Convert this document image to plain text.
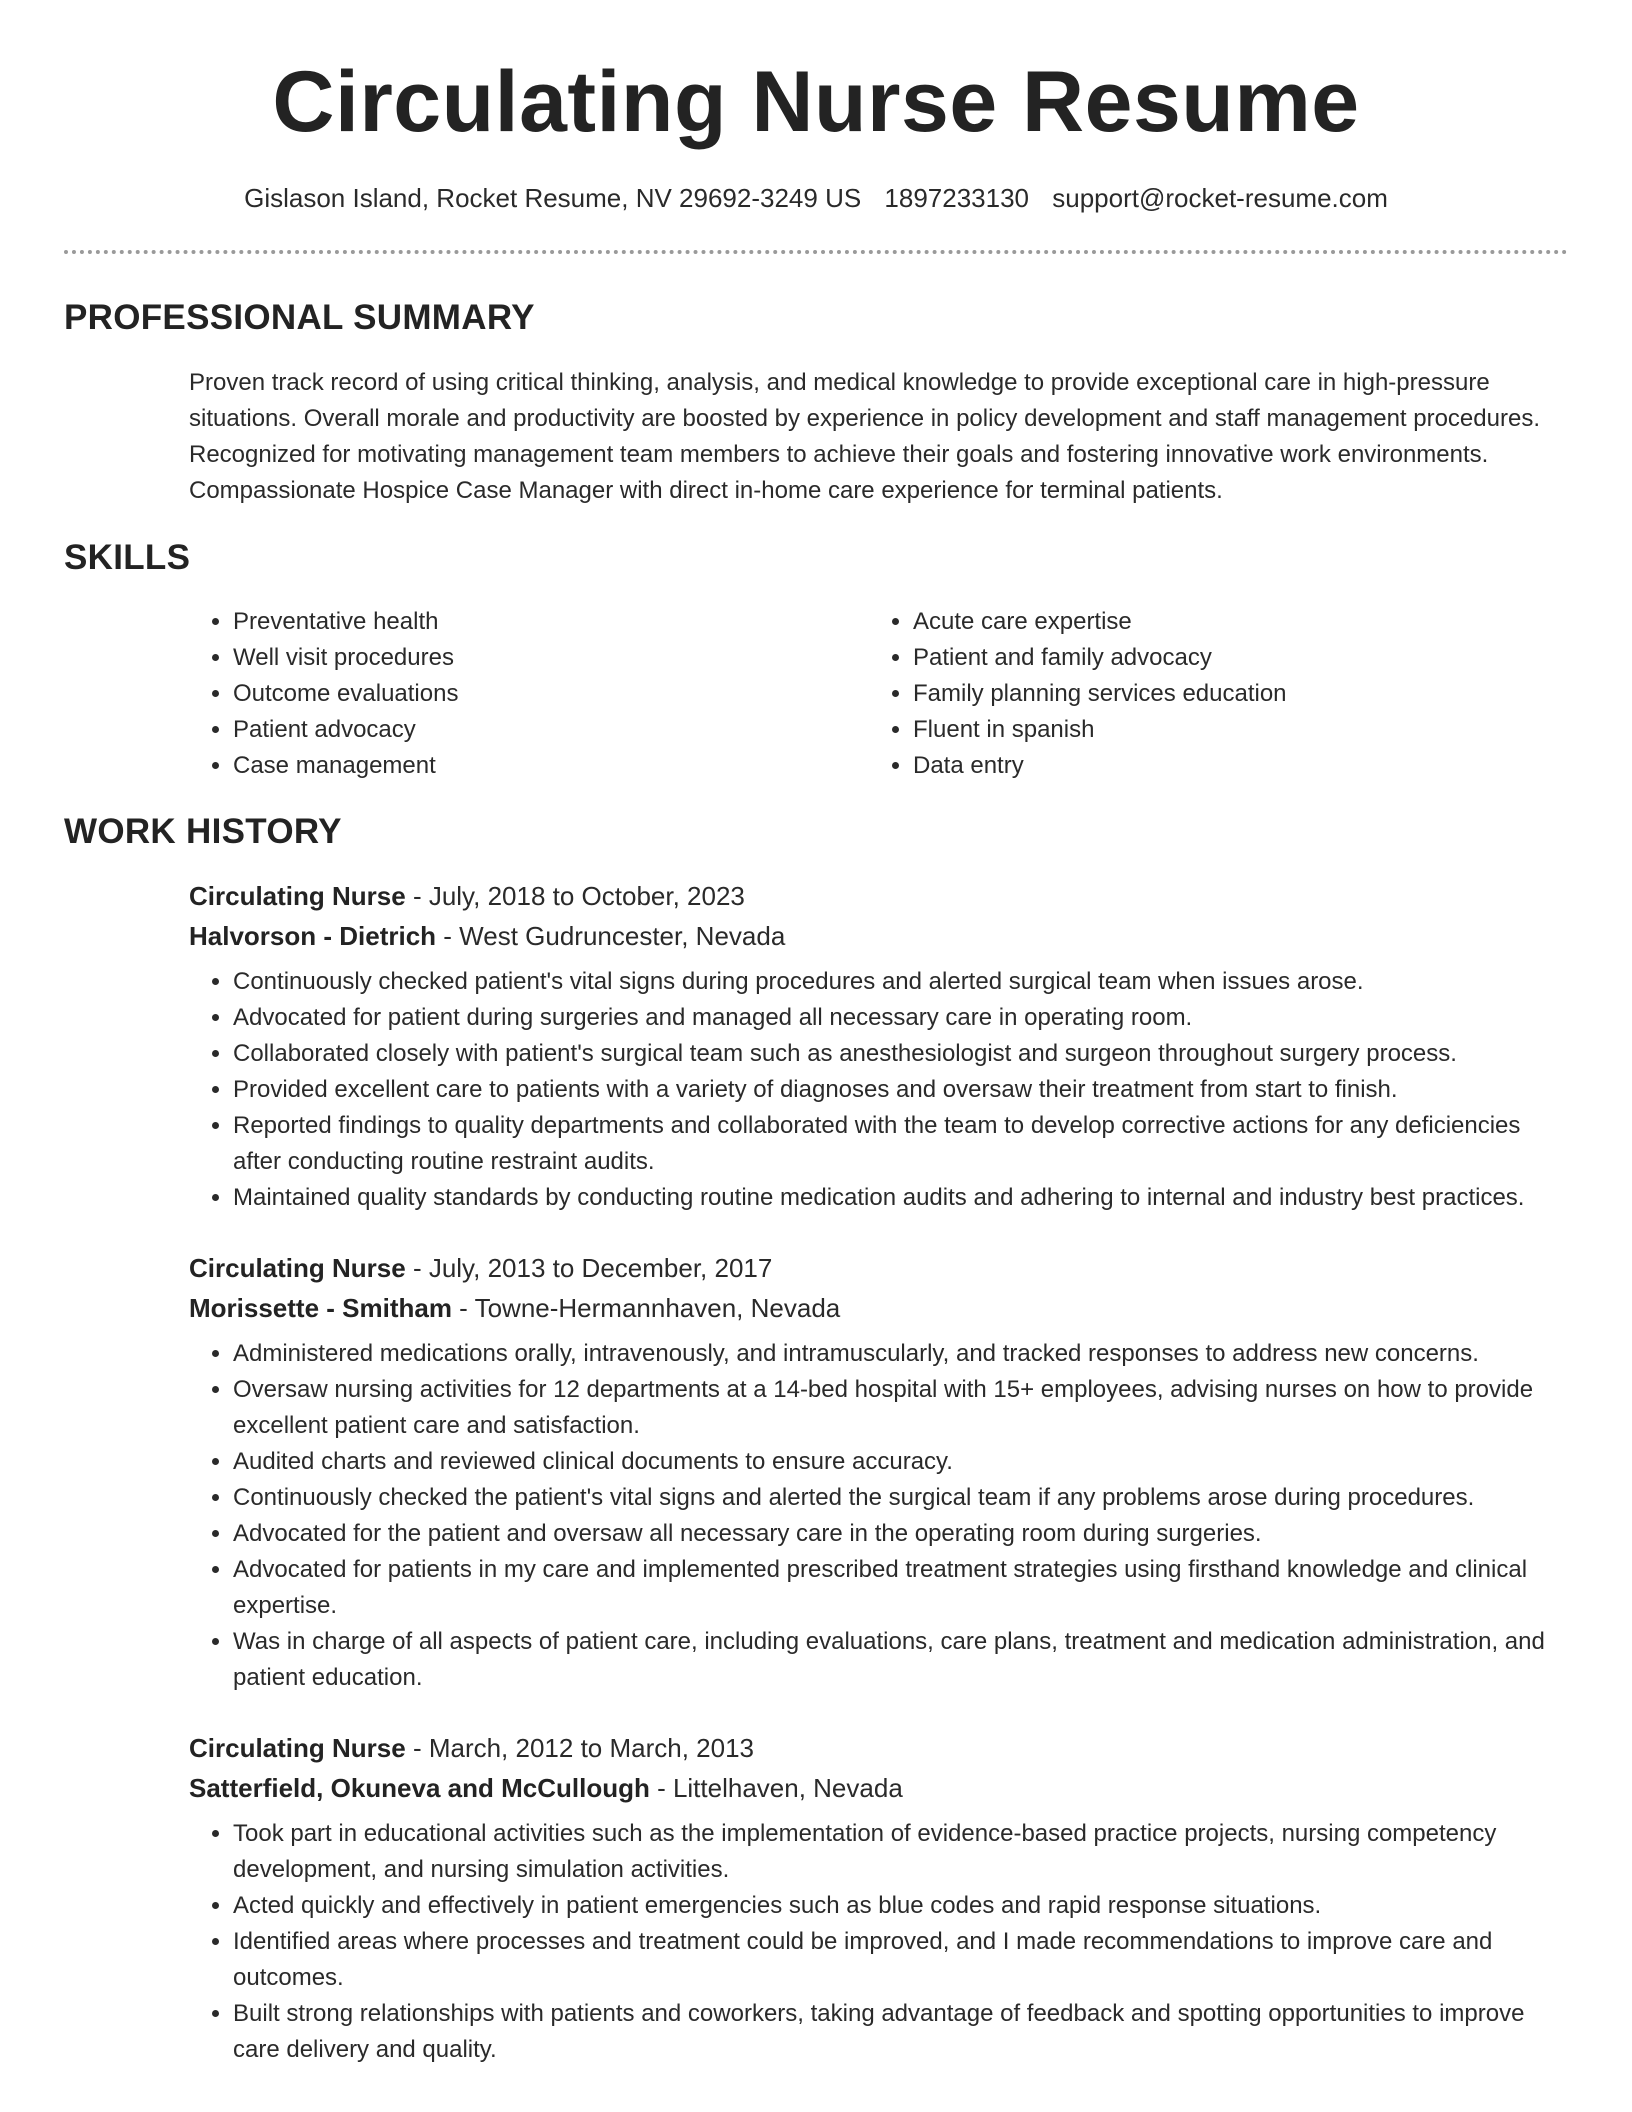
Circulating Nurse Resume
Gislason Island, Rocket Resume, NV 29692-3249 US 1897233130 support@rocket-resume.com
PROFESSIONAL SUMMARY

Proven track record of using critical thinking, analysis, and medical knowledge to provide exceptional care in high-pressure situations. Overall morale and productivity are boosted by experience in policy development and staff management procedures. Recognized for motivating management team members to achieve their goals and fostering innovative work environments. Compassionate Hospice Case Manager with direct in-home care experience for terminal patients.

SKILLS
• Preventative health
• Well visit procedures
• Outcome evaluations
• Patient advocacy
• Case management
• Acute care expertise
• Patient and family advocacy
• Family planning services education
• Fluent in spanish
• Data entry
WORK HISTORY
Circulating Nurse - July, 2018 to October, 2023
Halvorson - Dietrich - West Gudruncester, Nevada
• Continuously checked patient's vital signs during procedures and alerted surgical team when issues arose.
• Advocated for patient during surgeries and managed all necessary care in operating room.
• Collaborated closely with patient's surgical team such as anesthesiologist and surgeon throughout surgery process.
• Provided excellent care to patients with a variety of diagnoses and oversaw their treatment from start to finish.
• Reported findings to quality departments and collaborated with the team to develop corrective actions for any deficiencies after conducting routine restraint audits.
• Maintained quality standards by conducting routine medication audits and adhering to internal and industry best practices.
Circulating Nurse - July, 2013 to December, 2017
Morissette - Smitham - Towne-Hermannhaven, Nevada
• Administered medications orally, intravenously, and intramuscularly, and tracked responses to address new concerns.
• Oversaw nursing activities for 12 departments at a 14-bed hospital with 15+ employees, advising nurses on how to provide excellent patient care and satisfaction.
• Audited charts and reviewed clinical documents to ensure accuracy.
• Continuously checked the patient's vital signs and alerted the surgical team if any problems arose during procedures.
• Advocated for the patient and oversaw all necessary care in the operating room during surgeries.
• Advocated for patients in my care and implemented prescribed treatment strategies using firsthand knowledge and clinical expertise.
• Was in charge of all aspects of patient care, including evaluations, care plans, treatment and medication administration, and patient education.
Circulating Nurse - March, 2012 to March, 2013
Satterfield, Okuneva and McCullough - Littelhaven, Nevada
• Took part in educational activities such as the implementation of evidence-based practice projects, nursing competency development, and nursing simulation activities.
• Acted quickly and effectively in patient emergencies such as blue codes and rapid response situations.
• Identified areas where processes and treatment could be improved, and I made recommendations to improve care and outcomes.
• Built strong relationships with patients and coworkers, taking advantage of feedback and spotting opportunities to improve care delivery and quality.
